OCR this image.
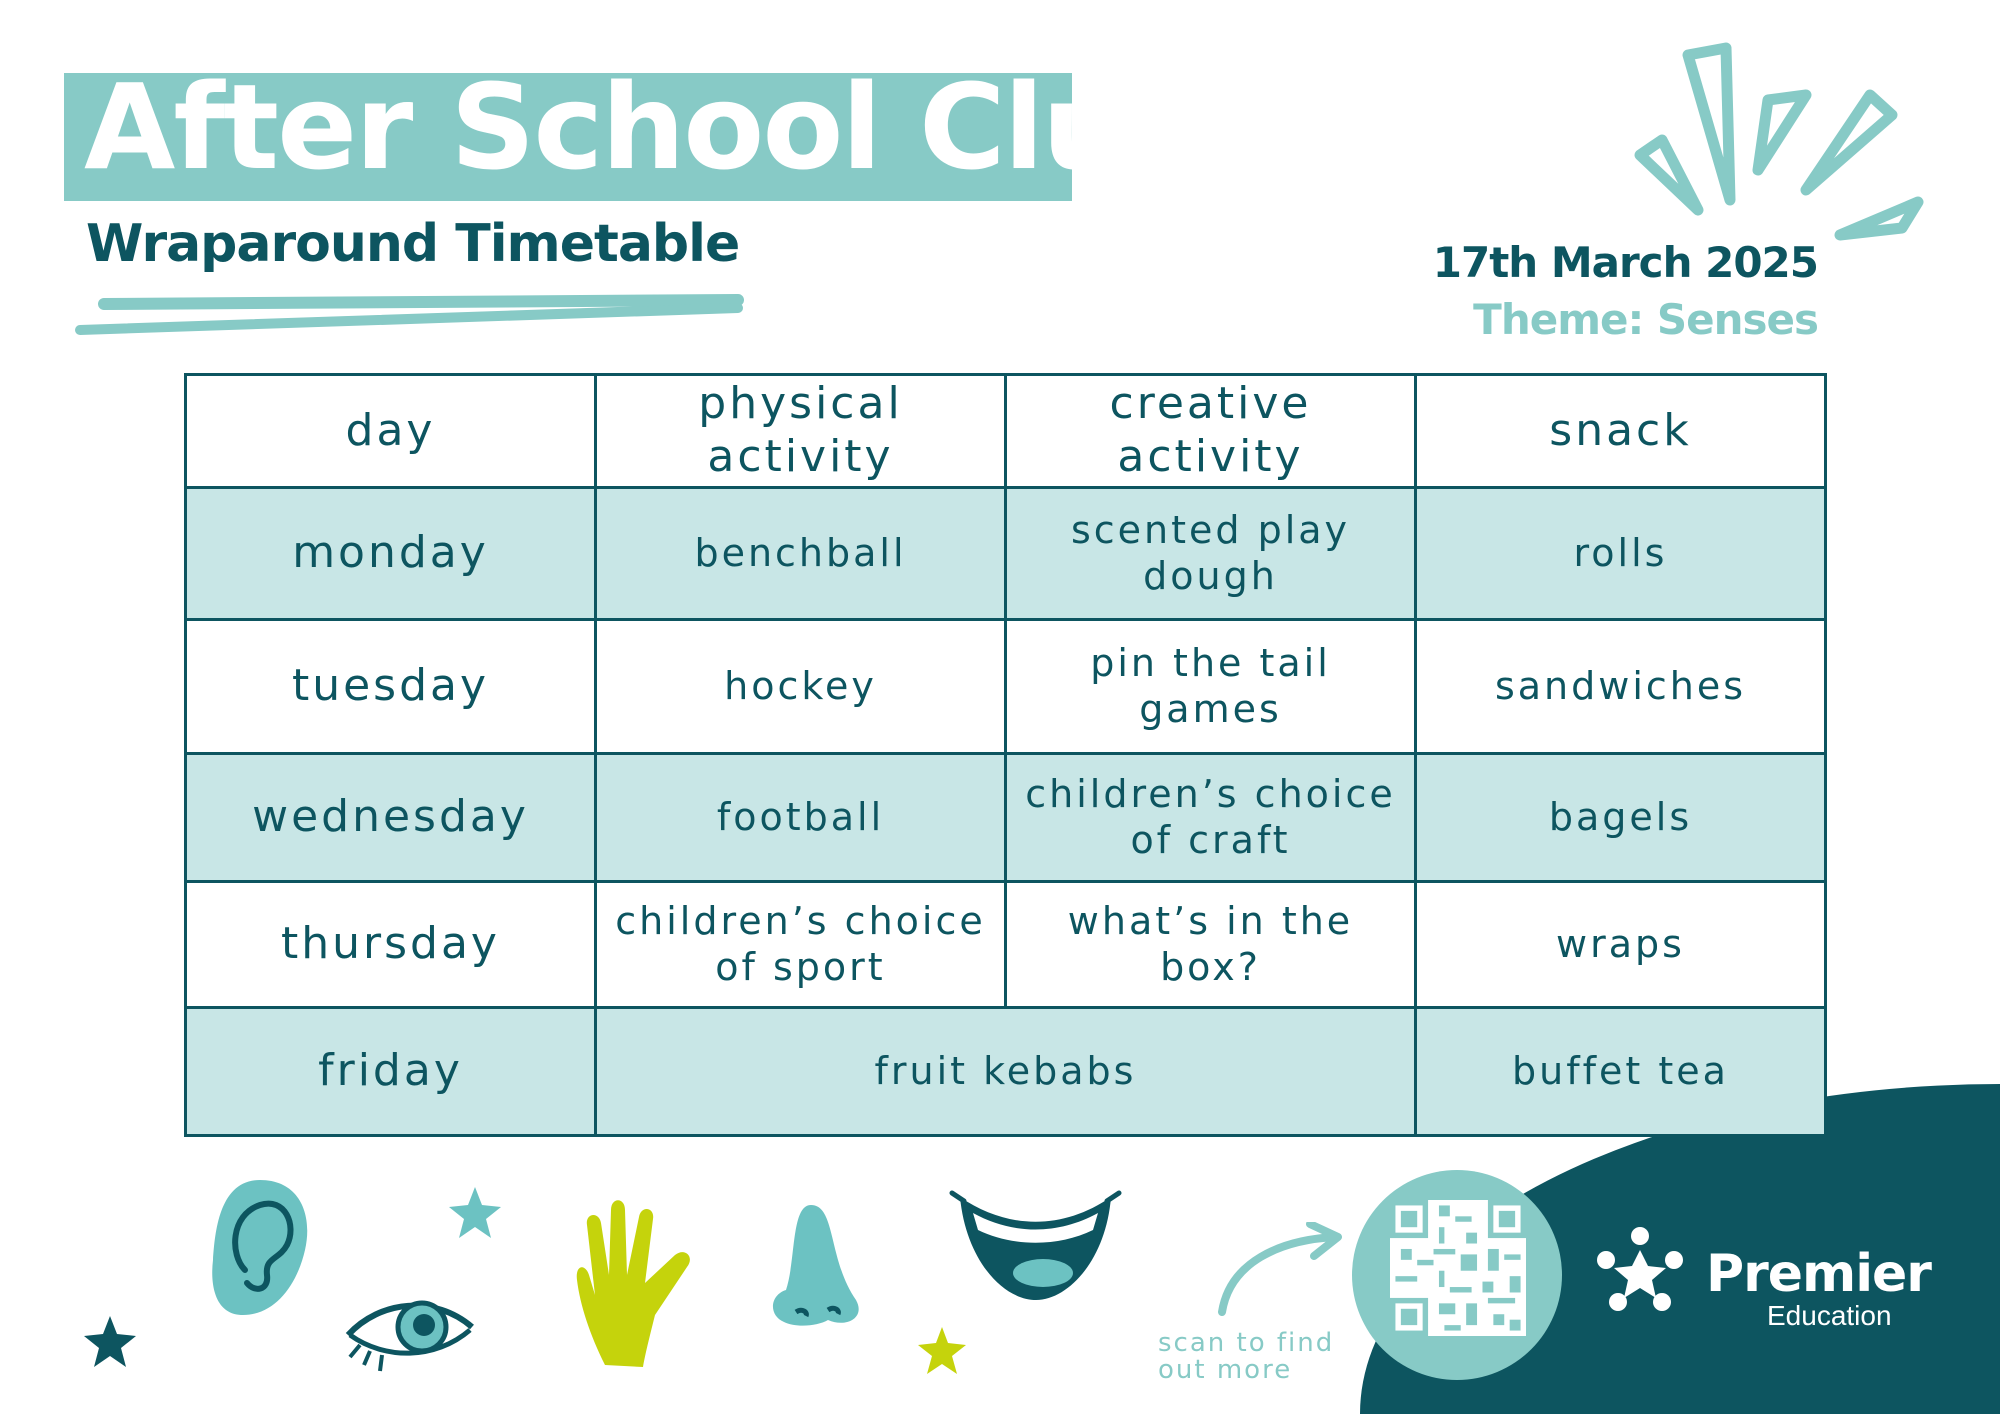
After School Club
Wraparound Timetable	17th March 2025
Theme: Senses
day	physical activity	creative activity	snack
monday	benchball	scented play dough	rolls
tuesday	hockey	pin the tail games	sandwiches
wednesday	football	children’s choice of craft	bagels
thursday	children’s choice of sport	what’s in the box?	wraps
friday	fruit kebabs		buffet tea
scan to find
out more
Premier
Education
